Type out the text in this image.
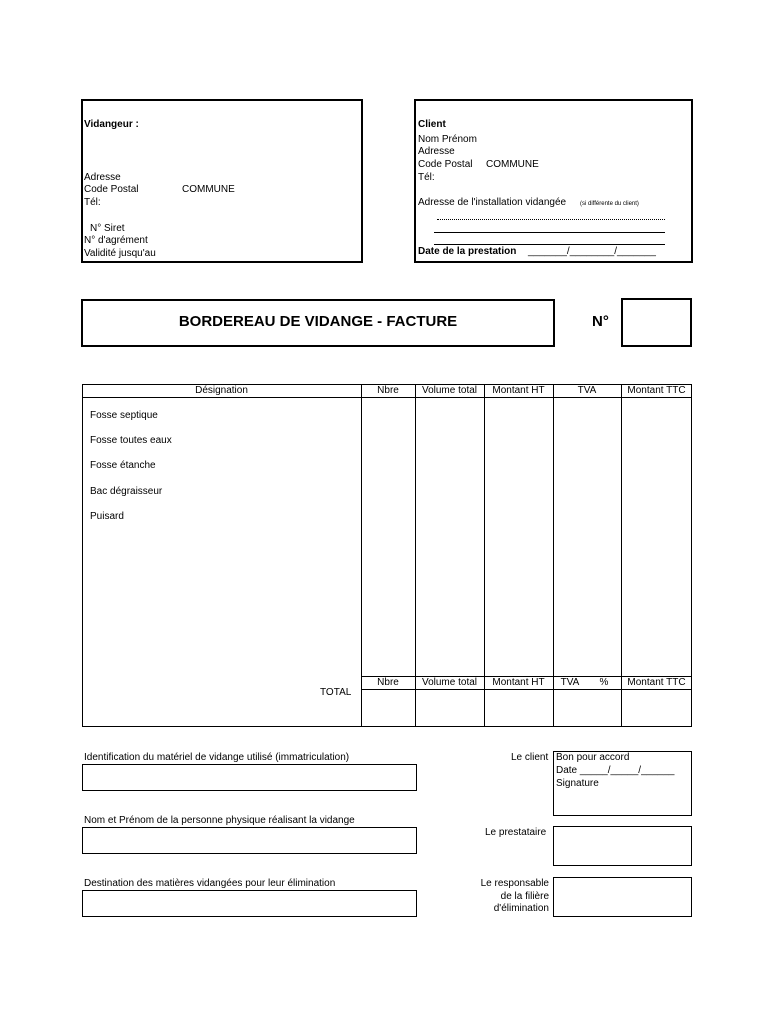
Vidangeur :
Adresse
Code Postal	COMMUNE
Tél:
N° Siret
N° d'agrément
Validité jusqu'au
Client
Nom Prénom
Adresse
Code Postal COMMUNE
Tél:
Adresse de l'installation vidangée (si différente du client)
Date de la prestation _______/________/_______
BORDEREAU DE VIDANGE - FACTURE	N°
Désignation	Nbre	Volume total	Montant HT	TVA	Montant TTC
Fosse septique
Fosse toutes eaux
Fosse étanche
Bac dégraisseur
Puisard
Nbre	Volume total	Montant HT	TVA	%	Montant TTC
TOTAL
Identification du matériel de vidange utilisé (immatriculation)
Nom et Prénom de la personne physique réalisant la vidange
Destination des matières vidangées pour leur élimination
Le client Bon pour accord
Date _____/_____/______
Signature
Le prestataire
Le responsable
de la filière
d'élimination
